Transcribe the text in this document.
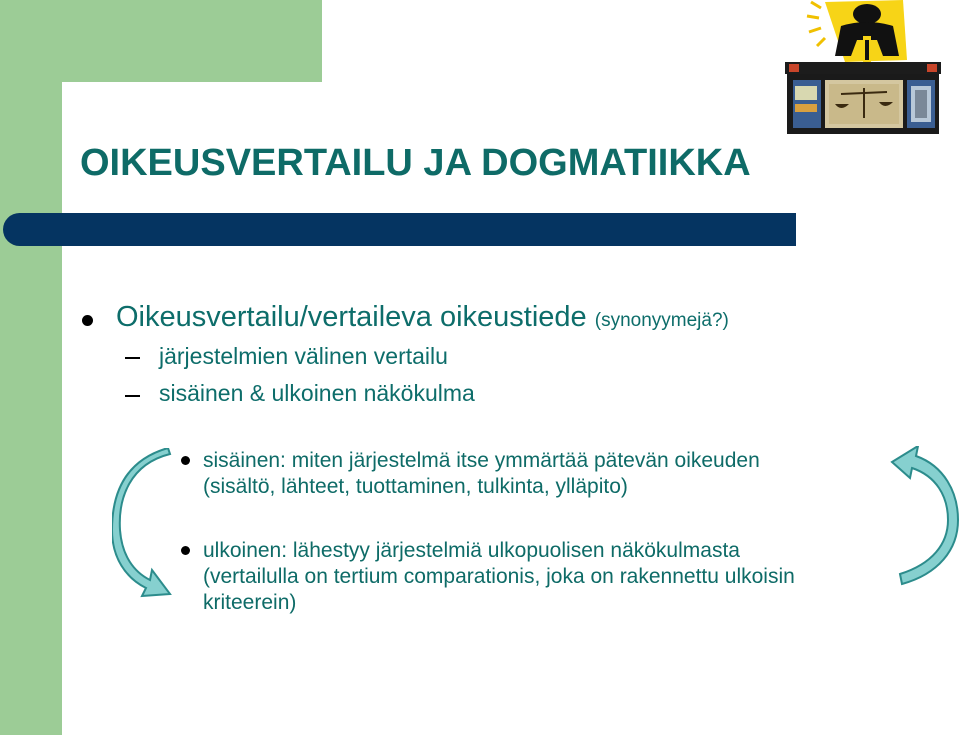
OIKEUSVERTAILU JA DOGMATIIKKA

Oikeusvertailu/vertaileva oikeustiede (synonyymejä?)

järjestelmien välinen vertailu

sisäinen & ulkoinen näkökulma

sisäinen: miten järjestelmä itse ymmärtää pätevän oikeuden

(sisältö, lähteet, tuottaminen, tulkinta, ylläpito)

ulkoinen: lähestyy järjestelmiä ulkopuolisen näkökulmasta

(vertailulla on tertium comparationis, joka on rakennettu ulkoisin

kriteerein)
